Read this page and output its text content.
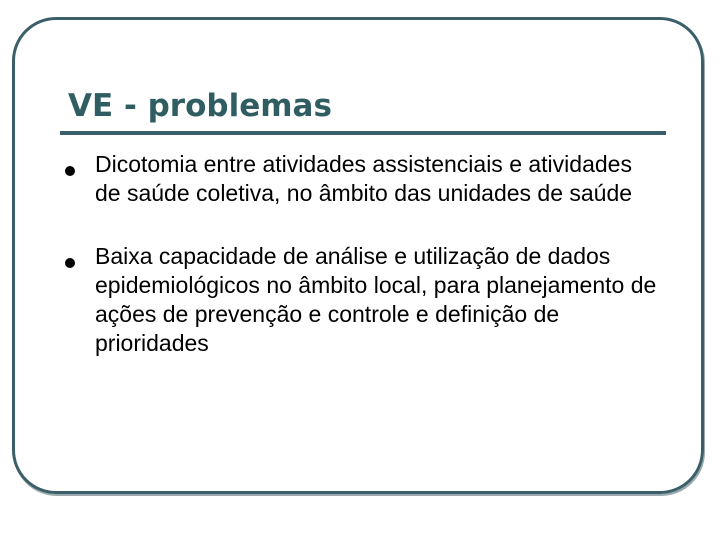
VE - problemas
Dicotomia entre atividades assistenciais e atividades de saúde coletiva, no âmbito das unidades de saúde
Baixa capacidade de análise e utilização de dados epidemiológicos no âmbito local, para planejamento de ações de prevenção e controle e definição de prioridades
